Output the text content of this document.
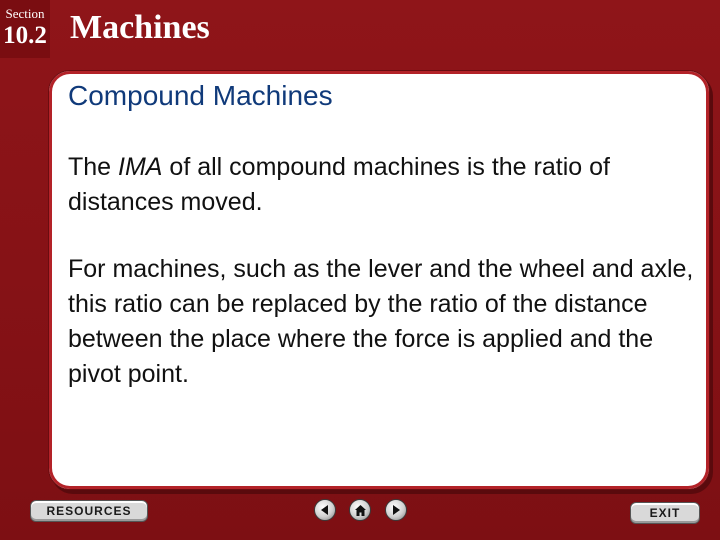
Section
10.2 Machines
Compound Machines
The IMA of all compound machines is the ratio of distances moved.
For machines, such as the lever and the wheel and axle, this ratio can be replaced by the ratio of the distance between the place where the force is applied and the pivot point.
RESOURCES	EXIT
